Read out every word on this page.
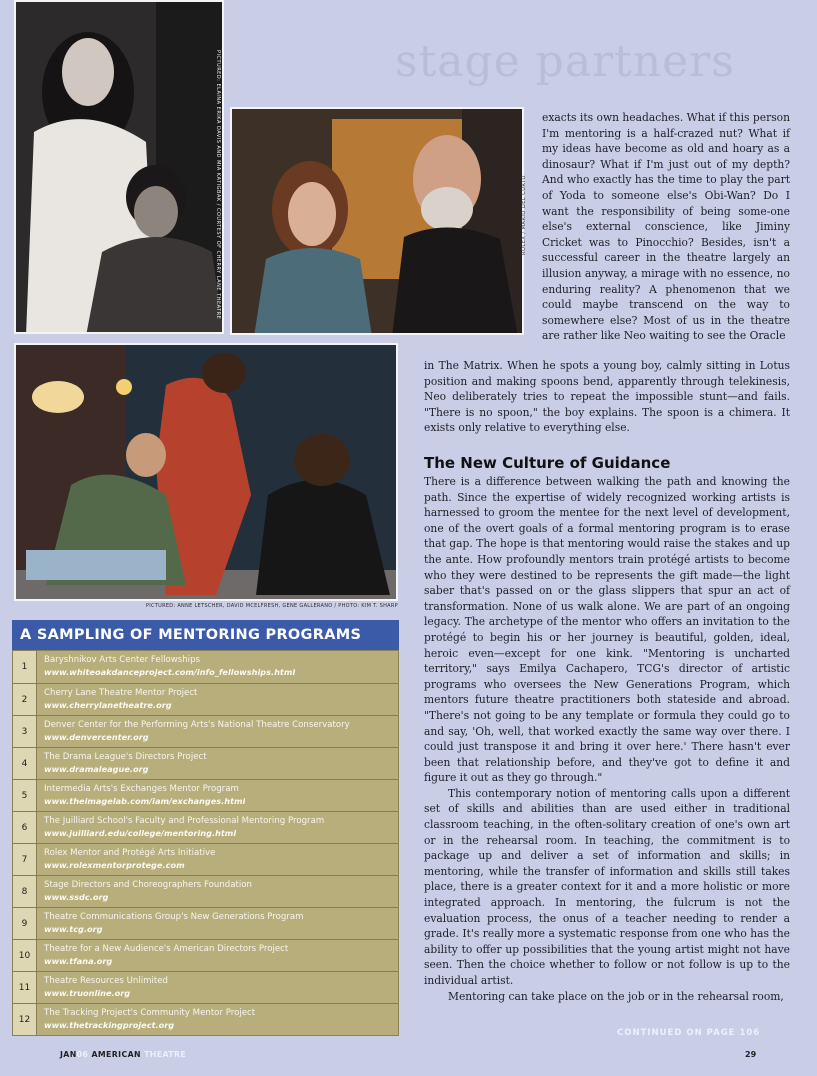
stage partners
PICTURED: ELAINA ERIKA DAVIS AND MIA KATIGBAK / COURTESY OF CHERRY LANE THEATRE	ROLEX / MARIO DEL CURTO
PICTURED: ANNE LETSCHER, DAVID MCELFRESH, GENE GALLERANO / PHOTO: KIM T. SHARP
A SAMPLING OF MENTORING PROGRAMS
1
Baryshnikov Arts Center Fellowships
www.whiteoakdanceproject.com/info_fellowships.html
2
Cherry Lane Theatre Mentor Project
www.cherrylanetheatre.org
3
Denver Center for the Performing Arts's National Theatre Conservatory
www.denvercenter.org
4
The Drama League's Directors Project
www.dramaleague.org
5
Intermedia Arts's Exchanges Mentor Program
www.theimagelab.com/iam/exchanges.html
6
The Juilliard School's Faculty and Professional Mentoring Program
www.juilliard.edu/college/mentoring.html
7
Rolex Mentor and Protégé Arts Initiative
www.rolexmentorprotege.com
8
Stage Directors and Choreographers Foundation
www.ssdc.org
9
Theatre Communications Group's New Generations Program
www.tcg.org
10
Theatre for a New Audience's American Directors Project
www.tfana.org
11
Theatre Resources Unlimited
www.truonline.org
12
The Tracking Project's Community Mentor Project
www.thetrackingproject.org

exacts its own headaches. What if this person I'm mentoring is a half-crazed nut? What if my ideas have become as old and hoary as a dinosaur? What if I'm just out of my depth? And who exactly has the time to play the part of Yoda to someone else's Obi-Wan? Do I want the responsibility of being some-one else's external conscience, like Jiminy Cricket was to Pinocchio? Besides, isn't a successful career in the theatre largely an illusion anyway, a mirage with no essence, no enduring reality? A phenomenon that we could maybe transcend on the way to somewhere else? Most of us in the theatre are rather like Neo waiting to see the Oracle

in The Matrix. When he spots a young boy, calmly sitting in Lotus position and making spoons bend, apparently through telekinesis, Neo deliberately tries to repeat the impossible stunt—and fails. "There is no spoon," the boy explains. The spoon is a chimera. It exists only relative to everything else.

The New Culture of Guidance

There is a difference between walking the path and knowing the path. Since the expertise of widely recognized working artists is harnessed to groom the mentee for the next level of development, one of the overt goals of a formal mentoring program is to erase that gap. The hope is that mentoring would raise the stakes and up the ante. How profoundly mentors train protégé artists to become who they were destined to be represents the gift made—the light saber that's passed on or the glass slippers that spur an act of transformation. None of us walk alone. We are part of an ongoing legacy. The archetype of the mentor who offers an invitation to the protégé to begin his or her journey is beautiful, golden, ideal, heroic even—except for one kink. "Mentoring is uncharted territory," says Emilya Cachapero, TCG's director of artistic programs who oversees the New Generations Program, which mentors future theatre practitioners both stateside and abroad. "There's not going to be any template or formula they could go to and say, 'Oh, well, that worked exactly the same way over there. I could just transpose it and bring it over here.' There hasn't ever been that relationship before, and they've got to define it and figure it out as they go through."

This contemporary notion of mentoring calls upon a different set of skills and abilities than are used either in traditional classroom teaching, in the often-solitary creation of one's own art or in the rehearsal room. In teaching, the commitment is to package up and deliver a set of information and skills; in mentoring, while the transfer of information and skills still takes place, there is a greater context for it and a more holistic or more integrated approach. In mentoring, the fulcrum is not the evaluation process, the onus of a teacher needing to render a grade. It's really more a systematic response from one who has the ability to offer up possibilities that the young artist might not have seen. Then the choice whether to follow or not follow is up to the individual artist.

Mentoring can take place on the job or in the rehearsal room,

CONTINUED ON PAGE 106
JAN06 AMERICAN THEATRE	29
